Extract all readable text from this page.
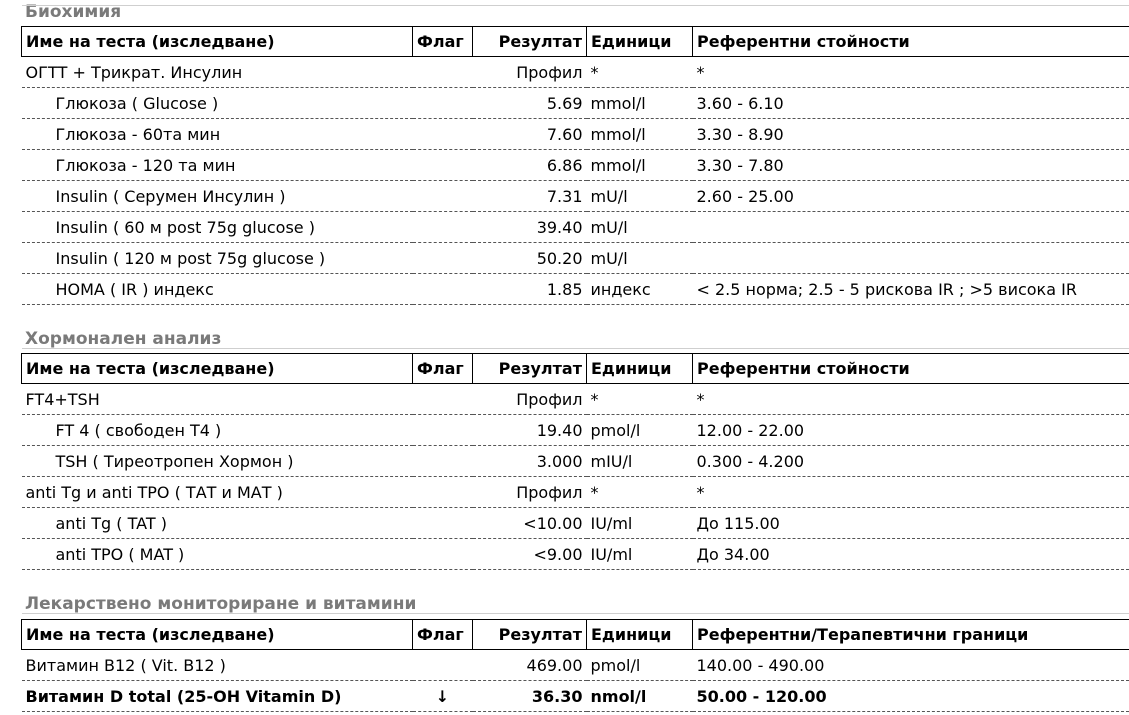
Биохимия
Име на теста (изследване)	Флаг	Резултат	Единици	Референтни стойности
ОГТТ + Трикрат. Инсулин		Профил	*	*
Глюкоза ( Glucose )		5.69	mmol/l	3.60 - 6.10
Глюкоза - 60та мин		7.60	mmol/l	3.30 - 8.90
Глюкоза - 120 та мин		6.86	mmol/l	3.30 - 7.80
Insulin ( Серумен Инсулин )		7.31	mU/l	2.60 - 25.00
Insulin ( 60 м post 75g glucose )		39.40	mU/l	
Insulin ( 120 м post 75g glucose )		50.20	mU/l	
HOMA ( IR ) индекс		1.85	индекс	< 2.5 норма; 2.5 - 5 рискова IR ; >5 висока IR
Хормонален анализ
Име на теста (изследване)	Флаг	Резултат	Единици	Референтни стойности
FT4+TSH		Профил	*	*
FT 4 ( свободен T4 )		19.40	pmol/l	12.00 - 22.00
TSH ( Тиреотропен Хормон )		3.000	mIU/l	0.300 - 4.200
anti Tg и anti TPO ( ТАТ и МАТ )		Профил	*	*
anti Tg ( TAT )		<10.00	IU/ml	До 115.00
anti TPO ( MAT )		<9.00	IU/ml	До 34.00
Лекарствено мониториране и витамини
Име на теста (изследване)	Флаг	Резултат	Единици	Референтни/Терапевтични граници
Витамин B12 ( Vit. B12 )		469.00	pmol/l	140.00 - 490.00
Витамин D total (25-OH Vitamin D)	↓	36.30	nmol/l	50.00 - 120.00
